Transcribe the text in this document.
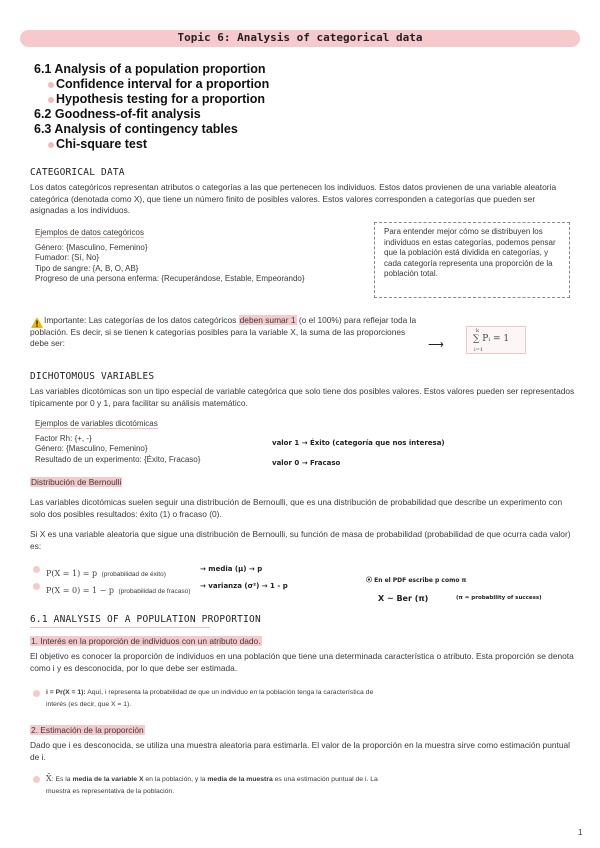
Topic 6: Analysis of categorical data
6.1 Analysis of a population proportion
Confidence interval for a proportion
Hypothesis testing for a proportion
6.2 Goodness-of-fit analysis
6.3 Analysis of contingency tables
Chi-square test
CATEGORICAL DATA
Los datos categóricos representan atributos o categorías a las que pertenecen los individuos. Estos datos provienen de una variable aleatoria categórica (denotada como X), que tiene un número finito de posibles valores. Estos valores corresponden a categorías que pueden ser asignadas a los individuos.
Ejemplos de datos categóricos
Género: {Masculino, Femenino}
Fumador: {Sí, No}
Tipo de sangre: {A, B, O, AB}
Progreso de una persona enferma: {Recuperándose, Estable, Empeorando}
Para entender mejor cómo se distribuyen los individuos en estas categorías, podemos pensar que la población está dividida en categorías, y cada categoría representa una proporción de la población total.
Importante: Las categorías de los datos categóricos deben sumar 1 (o el 100%) para reflejar toda la población. Es decir, si se tienen k categorías posibles para la variable X, la suma de las proporciones debe ser:	⟶
k
∑ Pᵢ = 1
i=1
DICHOTOMOUS VARIABLES
Las variables dicotómicas son un tipo especial de variable categórica que solo tiene dos posibles valores. Estos valores pueden ser representados típicamente por 0 y 1, para facilitar su análisis matemático.
Ejemplos de variables dicotómicas
Factor Rh: {+, -}
Género: {Masculino, Femenino}
Resultado de un experimento: {Éxito, Fracaso}
valor 1 → Éxito (categoría que nos interesa)
valor 0 → Fracaso
Distribución de Bernoulli
Las variables dicotómicas suelen seguir una distribución de Bernoulli, que es una distribución de probabilidad que describe un experimento con solo dos posibles resultados: éxito (1) o fracaso (0).
Si X es una variable aleatoria que sigue una distribución de Bernoulli, su función de masa de probabilidad (probabilidad de que ocurra cada valor) es:
P(X = 1) = p (probabilidad de éxito)
P(X = 0) = 1 − p (probabilidad de fracaso)
→ media (μ) → p
→ varianza (σ²) → 1 - p
⦿ En el PDF escribe p como π
X ~ Ber (π)	(π = probability of success)
6.1 ANALYSIS OF A POPULATION PROPORTION
1. Interés en la proporción de individuos con un atributo dado.
El objetivo es conocer la proporción de individuos en una población que tiene una determinada característica o atributo. Esta proporción se denota como i y es desconocida, por lo que debe ser estimada.
i = Pr(X = 1): Aquí, i representa la probabilidad de que un individuo en la población tenga la característica de interés (es decir, que X = 1).
2. Estimación de la proporción
Dado que i es desconocida, se utiliza una muestra aleatoria para estimarla. El valor de la proporción en la muestra sirve como estimación puntual de i.
X̄: Es la media de la variable X en la población, y la media de la muestra es una estimación puntual de i. La muestra es representativa de la población.
1
